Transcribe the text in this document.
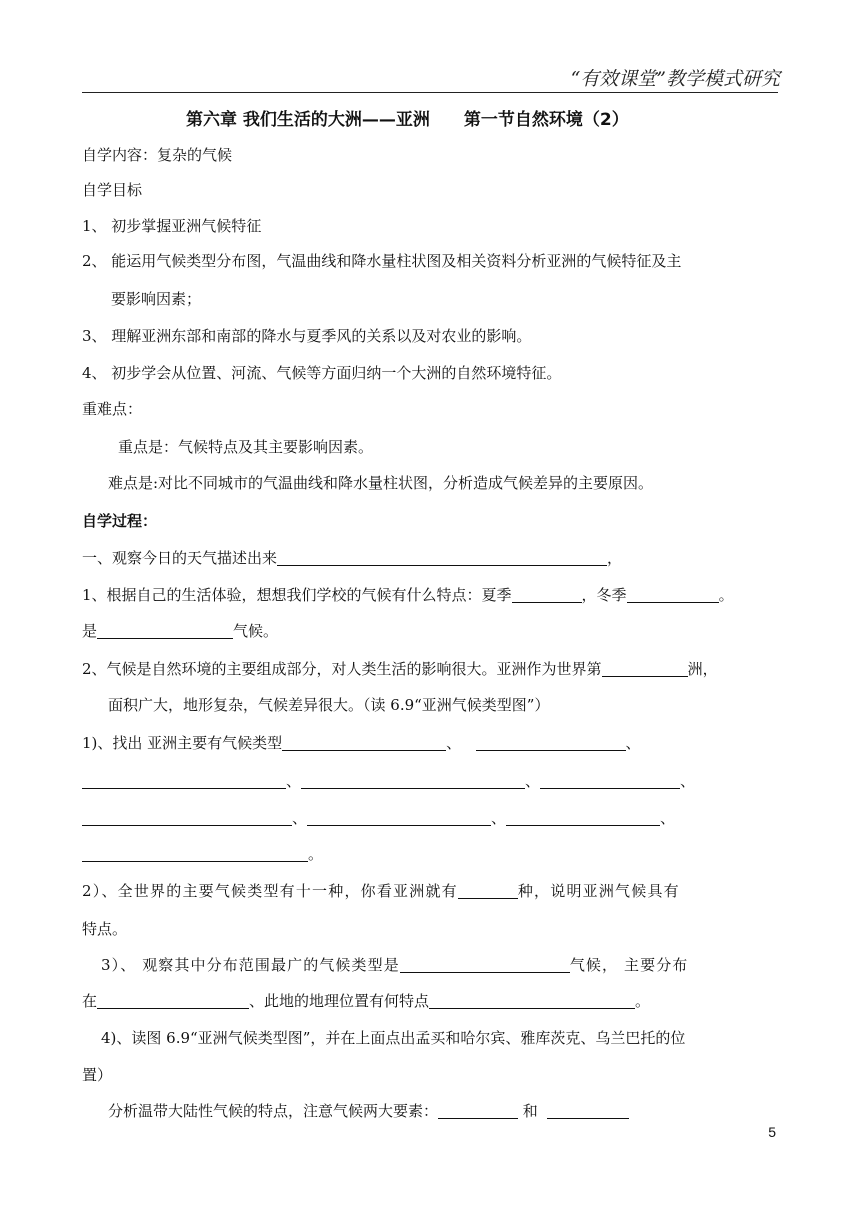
“有效课堂”教学模式研究
第六章 我们生活的大洲——亚洲　　第一节自然环境（2）
自学内容：复杂的气候
自学目标
1、 初步掌握亚洲气候特征
2、 能运用气候类型分布图，气温曲线和降水量柱状图及相关资料分析亚洲的气候特征及主
要影响因素；
3、 理解亚洲东部和南部的降水与夏季风的关系以及对农业的影响。
4、 初步学会从位置、河流、气候等方面归纳一个大洲的自然环境特征。
重难点：
重点是：气候特点及其主要影响因素。
难点是:对比不同城市的气温曲线和降水量柱状图，分析造成气候差异的主要原因。
自学过程：
一、观察今日的天气描述出来	，
1、根据自己的生活体验，想想我们学校的气候有什么特点：夏季	，冬季	。
是	气候。
2、气候是自然环境的主要组成部分，对人类生活的影响很大。亚洲作为世界第	洲，
面积广大，地形复杂，气候差异很大。（读 6.9“亚洲气候类型图”）
1)、找出 亚洲主要有气候类型	、	、
、	、	、
、	、	、
。
2）、全世界的主要气候类型有十一种，你看亚洲就有	种，说明亚洲气候具有
特点。
3）、 观察其中分布范围最广的气候类型是	气候， 主要分布
在	、此地的地理位置有何特点	。
4)、读图 6.9“亚洲气候类型图”，并在上面点出孟买和哈尔宾、雅库茨克、乌兰巴托的位
置）
分析温带大陆性气候的特点，注意气候两大要素：	和
5
